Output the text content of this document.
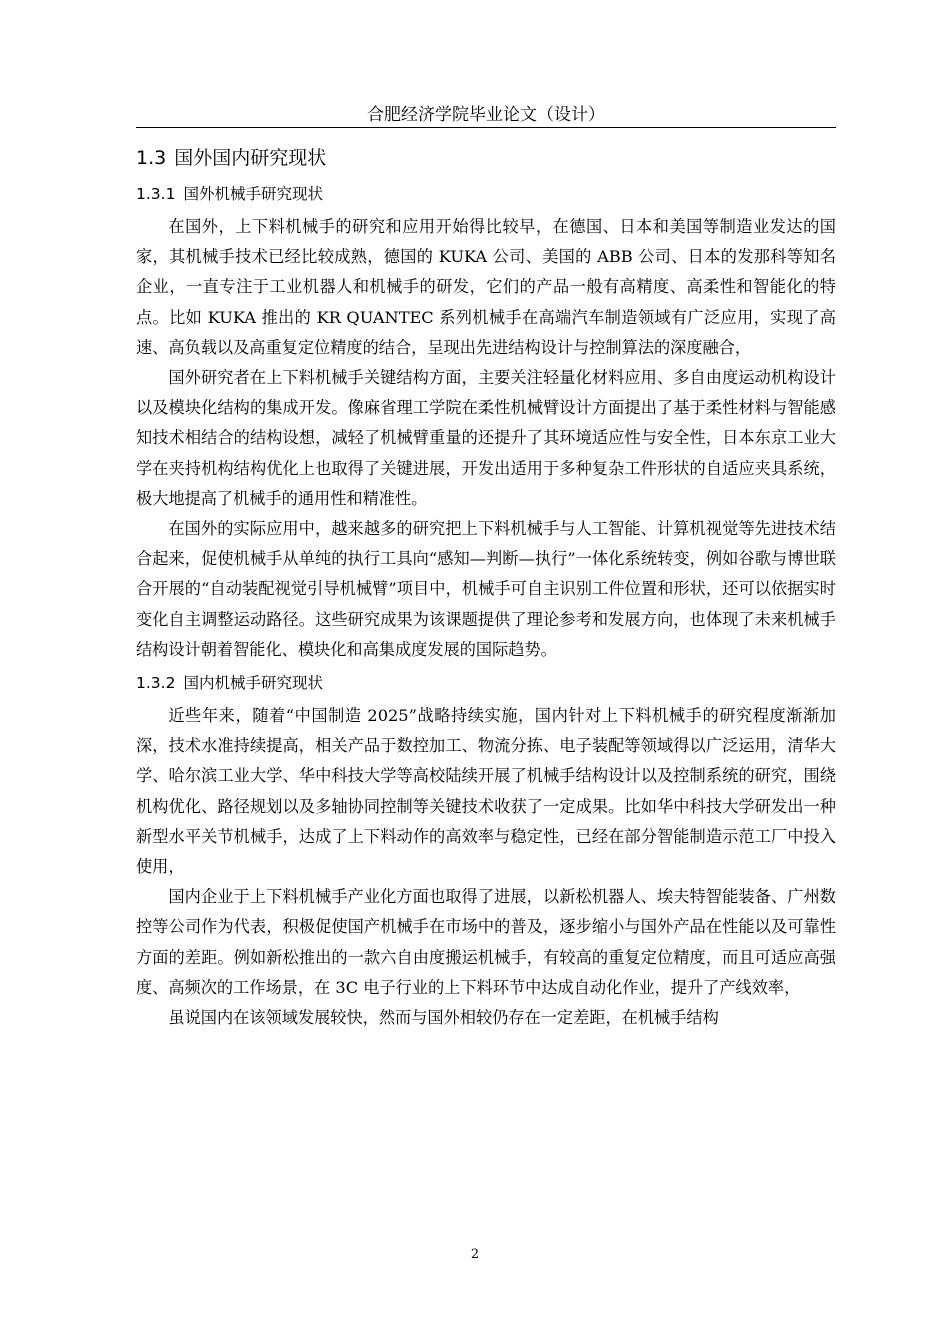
合肥经济学院毕业论文（设计）
1.3 国外国内研究现状
1.3.1 国外机械手研究现状

在国外，上下料机械手的研究和应用开始得比较早，在德国、日本和美国等制造业发达的国家，其机械手技术已经比较成熟，德国的 KUKA 公司、美国的 ABB 公司、日本的发那科等知名企业，一直专注于工业机器人和机械手的研发，它们的产品一般有高精度、高柔性和智能化的特点。比如 KUKA 推出的 KR QUANTEC 系列机械手在高端汽车制造领域有广泛应用，实现了高速、高负载以及高重复定位精度的结合，呈现出先进结构设计与控制算法的深度融合，

国外研究者在上下料机械手关键结构方面，主要关注轻量化材料应用、多自由度运动机构设计以及模块化结构的集成开发。像麻省理工学院在柔性机械臂设计方面提出了基于柔性材料与智能感知技术相结合的结构设想，减轻了机械臂重量的还提升了其环境适应性与安全性，日本东京工业大学在夹持机构结构优化上也取得了关键进展，开发出适用于多种复杂工件形状的自适应夹具系统，极大地提高了机械手的通用性和精准性。

在国外的实际应用中，越来越多的研究把上下料机械手与人工智能、计算机视觉等先进技术结合起来，促使机械手从单纯的执行工具向“感知—判断—执行”一体化系统转变，例如谷歌与博世联合开展的“自动装配视觉引导机械臂”项目中，机械手可自主识别工件位置和形状，还可以依据实时变化自主调整运动路径。这些研究成果为该课题提供了理论参考和发展方向，也体现了未来机械手结构设计朝着智能化、模块化和高集成度发展的国际趋势。

1.3.2 国内机械手研究现状

近些年来，随着“中国制造 2025”战略持续实施，国内针对上下料机械手的研究程度渐渐加深，技术水准持续提高，相关产品于数控加工、物流分拣、电子装配等领域得以广泛运用，清华大学、哈尔滨工业大学、华中科技大学等高校陆续开展了机械手结构设计以及控制系统的研究，围绕机构优化、路径规划以及多轴协同控制等关键技术收获了一定成果。比如华中科技大学研发出一种新型水平关节机械手，达成了上下料动作的高效率与稳定性，已经在部分智能制造示范工厂中投入使用，

国内企业于上下料机械手产业化方面也取得了进展，以新松机器人、埃夫特智能装备、广州数控等公司作为代表，积极促使国产机械手在市场中的普及，逐步缩小与国外产品在性能以及可靠性方面的差距。例如新松推出的一款六自由度搬运机械手，有较高的重复定位精度，而且可适应高强度、高频次的工作场景，在 3C 电子行业的上下料环节中达成自动化作业，提升了产线效率，

虽说国内在该领域发展较快，然而与国外相较仍存在一定差距，在机械手结构

2
